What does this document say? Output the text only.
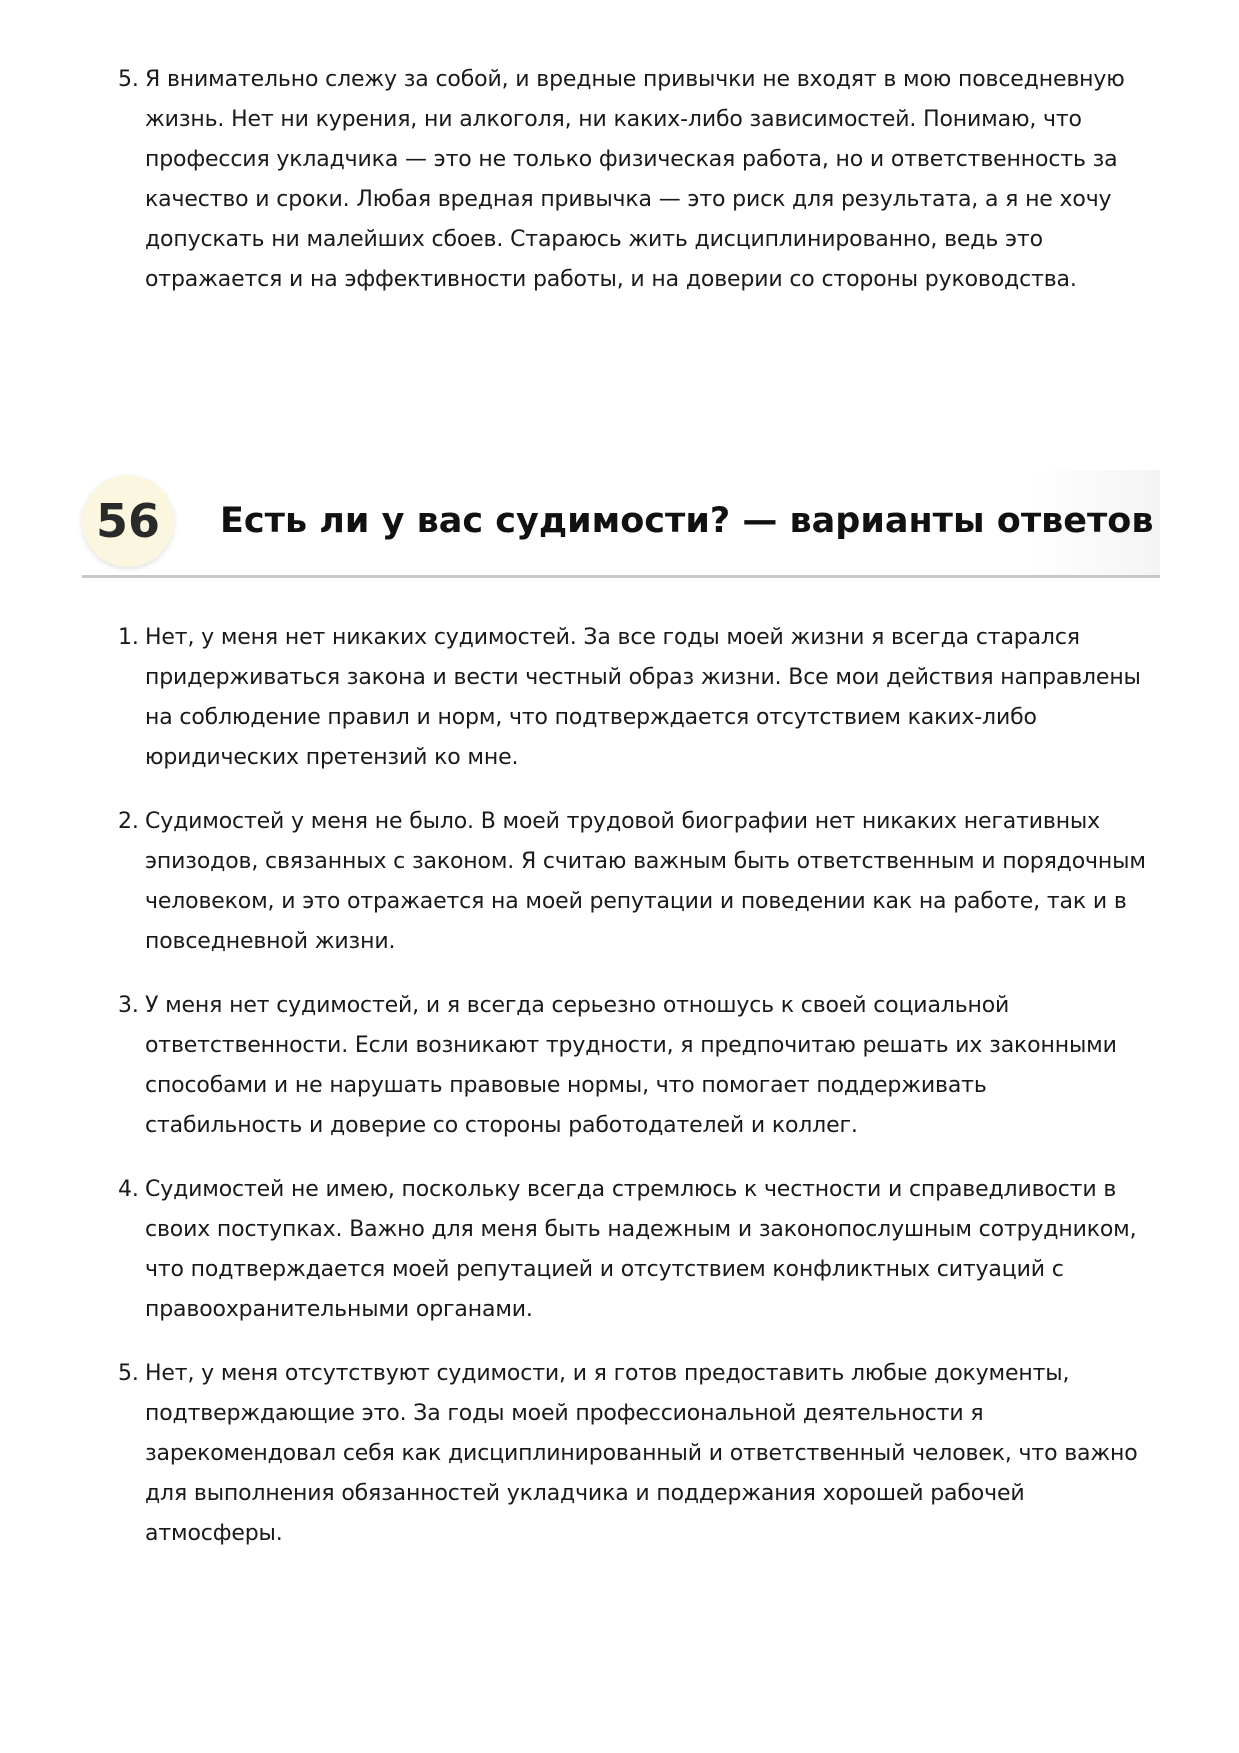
5. Я внимательно слежу за собой, и вредные привычки не входят в мою повседневную жизнь. Нет ни курения, ни алкоголя, ни каких-либо зависимостей. Понимаю, что профессия укладчика — это не только физическая работа, но и ответственность за качество и сроки. Любая вредная привычка — это риск для результата, а я не хочу допускать ни малейших сбоев. Стараюсь жить дисциплинированно, ведь это отражается и на эффективности работы, и на доверии со стороны руководства.
56	Есть ли у вас судимости? — варианты ответов
1. Нет, у меня нет никаких судимостей. За все годы моей жизни я всегда старался придерживаться закона и вести честный образ жизни. Все мои действия направлены на соблюдение правил и норм, что подтверждается отсутствием каких-либо юридических претензий ко мне.
2. Судимостей у меня не было. В моей трудовой биографии нет никаких негативных эпизодов, связанных с законом. Я считаю важным быть ответственным и порядочным человеком, и это отражается на моей репутации и поведении как на работе, так и в повседневной жизни.
3. У меня нет судимостей, и я всегда серьезно отношусь к своей социальной ответственности. Если возникают трудности, я предпочитаю решать их законными способами и не нарушать правовые нормы, что помогает поддерживать стабильность и доверие со стороны работодателей и коллег.
4. Судимостей не имею, поскольку всегда стремлюсь к честности и справедливости в своих поступках. Важно для меня быть надежным и законопослушным сотрудником, что подтверждается моей репутацией и отсутствием конфликтных ситуаций с правоохранительными органами.
5. Нет, у меня отсутствуют судимости, и я готов предоставить любые документы, подтверждающие это. За годы моей профессиональной деятельности я зарекомендовал себя как дисциплинированный и ответственный человек, что важно для выполнения обязанностей укладчика и поддержания хорошей рабочей атмосферы.
